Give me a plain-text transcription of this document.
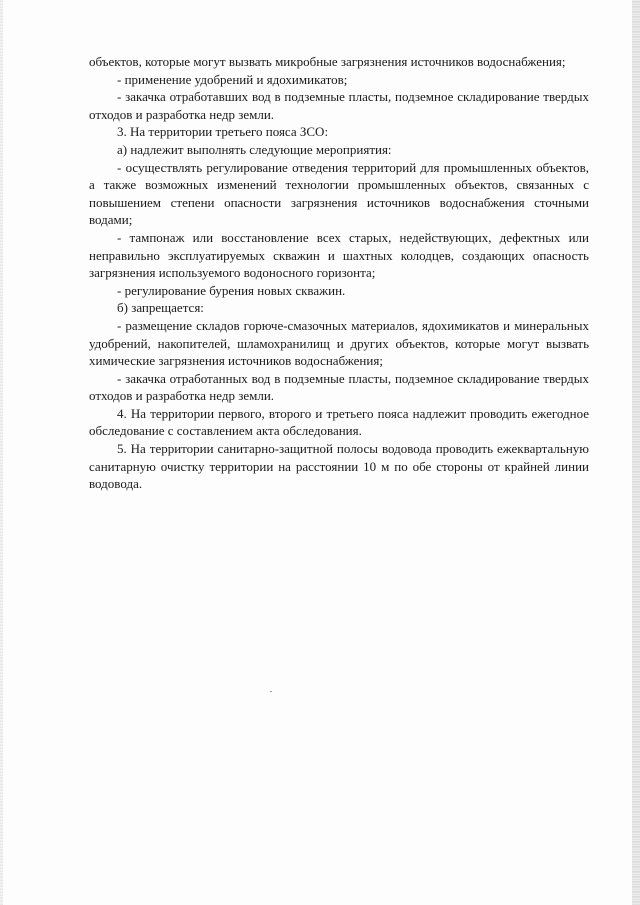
объектов, которые могут вызвать микробные загрязнения источников водоснабжения;

- применение удобрений и ядохимикатов;

- закачка отработавших вод в подземные пласты, подземное складирование твердых отходов и разработка недр земли.

3. На территории третьего пояса ЗСО:

а) надлежит выполнять следующие мероприятия:

- осуществлять регулирование отведения территорий для промышленных объектов, а также возможных изменений технологии промышленных объектов, связанных с повышением степени опасности загрязнения источников водоснабжения сточными водами;

- тампонаж или восстановление всех старых, недействующих, дефектных или неправильно эксплуатируемых скважин и шахтных колодцев, создающих опасность загрязнения используемого водоносного горизонта;

- регулирование бурения новых скважин.

б) запрещается:

- размещение складов горюче-смазочных материалов, ядохимикатов и минеральных удобрений, накопителей, шламохранилищ и других объектов, которые могут вызвать химические загрязнения источников водоснабжения;

- закачка отработанных вод в подземные пласты, подземное складирование твердых отходов и разработка недр земли.

4. На территории первого, второго и третьего пояса надлежит проводить ежегодное обследование с составлением акта обследования.

5. На территории санитарно-защитной полосы водовода проводить ежеквартальную санитарную очистку территории на расстоянии 10 м по обе стороны от крайней линии водовода.
